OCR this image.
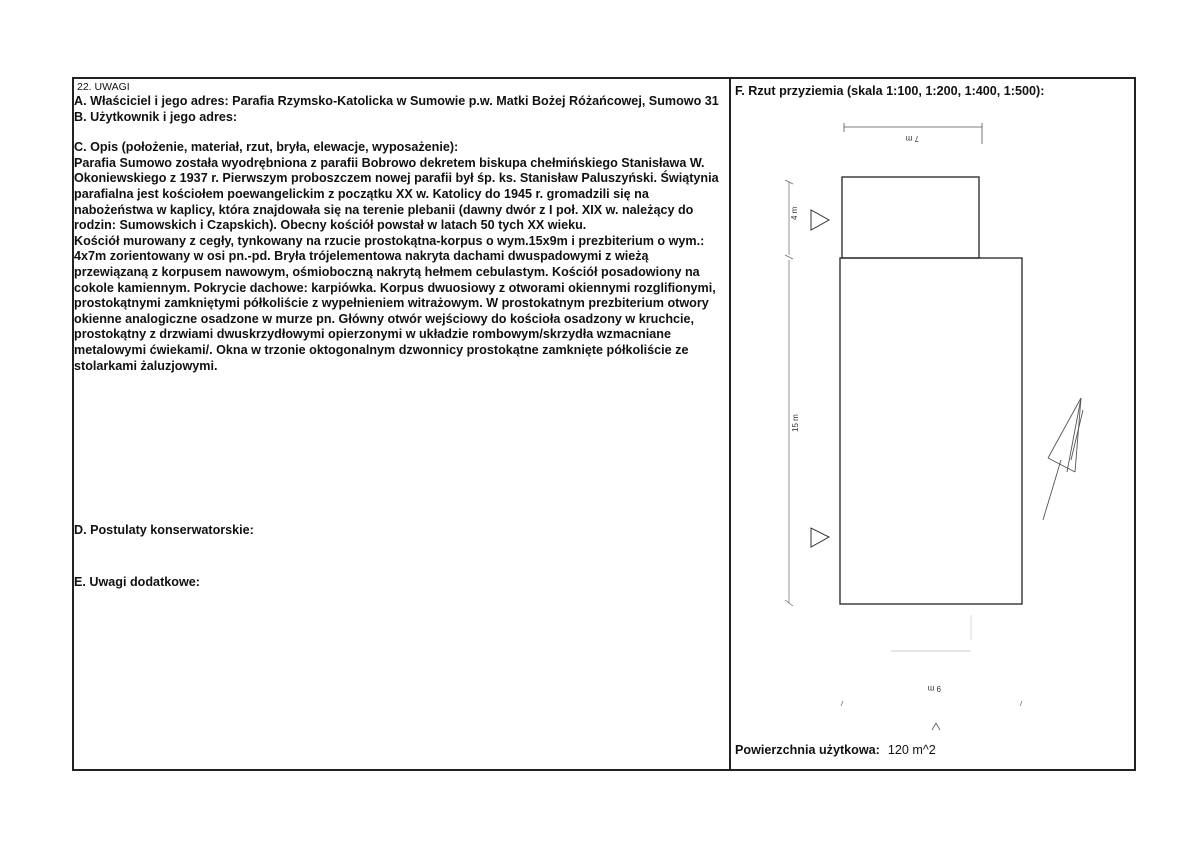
22. UWAGI

A. Właściciel i jego adres: Parafia Rzymsko-Katolicka w Sumowie p.w. Matki Bożej Różańcowej, Sumowo 31

B. Użytkownik i jego adres:

C. Opis (położenie, materiał, rzut, bryła, elewacje, wyposażenie):

Parafia Sumowo została wyodrębniona z parafii Bobrowo dekretem biskupa chełmińskiego Stanisława W. Okoniewskiego z 1937 r. Pierwszym proboszczem nowej parafii był śp. ks. Stanisław Paluszyński. Świątynia parafialna jest kościołem poewangelickim z początku XX w. Katolicy do 1945 r. gromadzili się na nabożeństwa w kaplicy, która znajdowała się na terenie plebanii (dawny dwór z I poł. XIX w. należący do rodzin: Sumowskich i Czapskich). Obecny kościół powstał w latach 50 tych XX wieku.

Kościół murowany z cegły, tynkowany na rzucie prostokątna-korpus o wym.15x9m i prezbiterium o wym.: 4x7m zorientowany w osi pn.-pd. Bryła trójelementowa nakryta dachami dwuspadowymi z wieżą przewiązaną z korpusem nawowym, ośmioboczną nakrytą hełmem cebulastym. Kościół posadowiony na cokole kamiennym. Pokrycie dachowe: karpiówka. Korpus dwuosiowy z otworami okiennymi rozglifionymi, prostokątnymi zamkniętymi półkoliście z wypełnieniem witrażowym. W prostokatnym prezbiterium otwory okienne analogiczne osadzone w murze pn. Główny otwór wejściowy do kościoła osadzony w kruchcie, prostokątny z drzwiami dwuskrzydłowymi opierzonymi w układzie rombowym/skrzydła wzmacniane metalowymi ćwiekami/. Okna w trzonie oktogonalnym dzwonnicy prostokątne zamknięte półkoliście ze stolarkami żaluzjowymi.

D. Postulaty konserwatorskie:
E. Uwagi dodatkowe:
F. Rzut przyziemia (skala 1:100, 1:200, 1:400, 1:500):
7 m
4 m
15 m
9 m
Powierzchnia użytkowa: 120 m^2
